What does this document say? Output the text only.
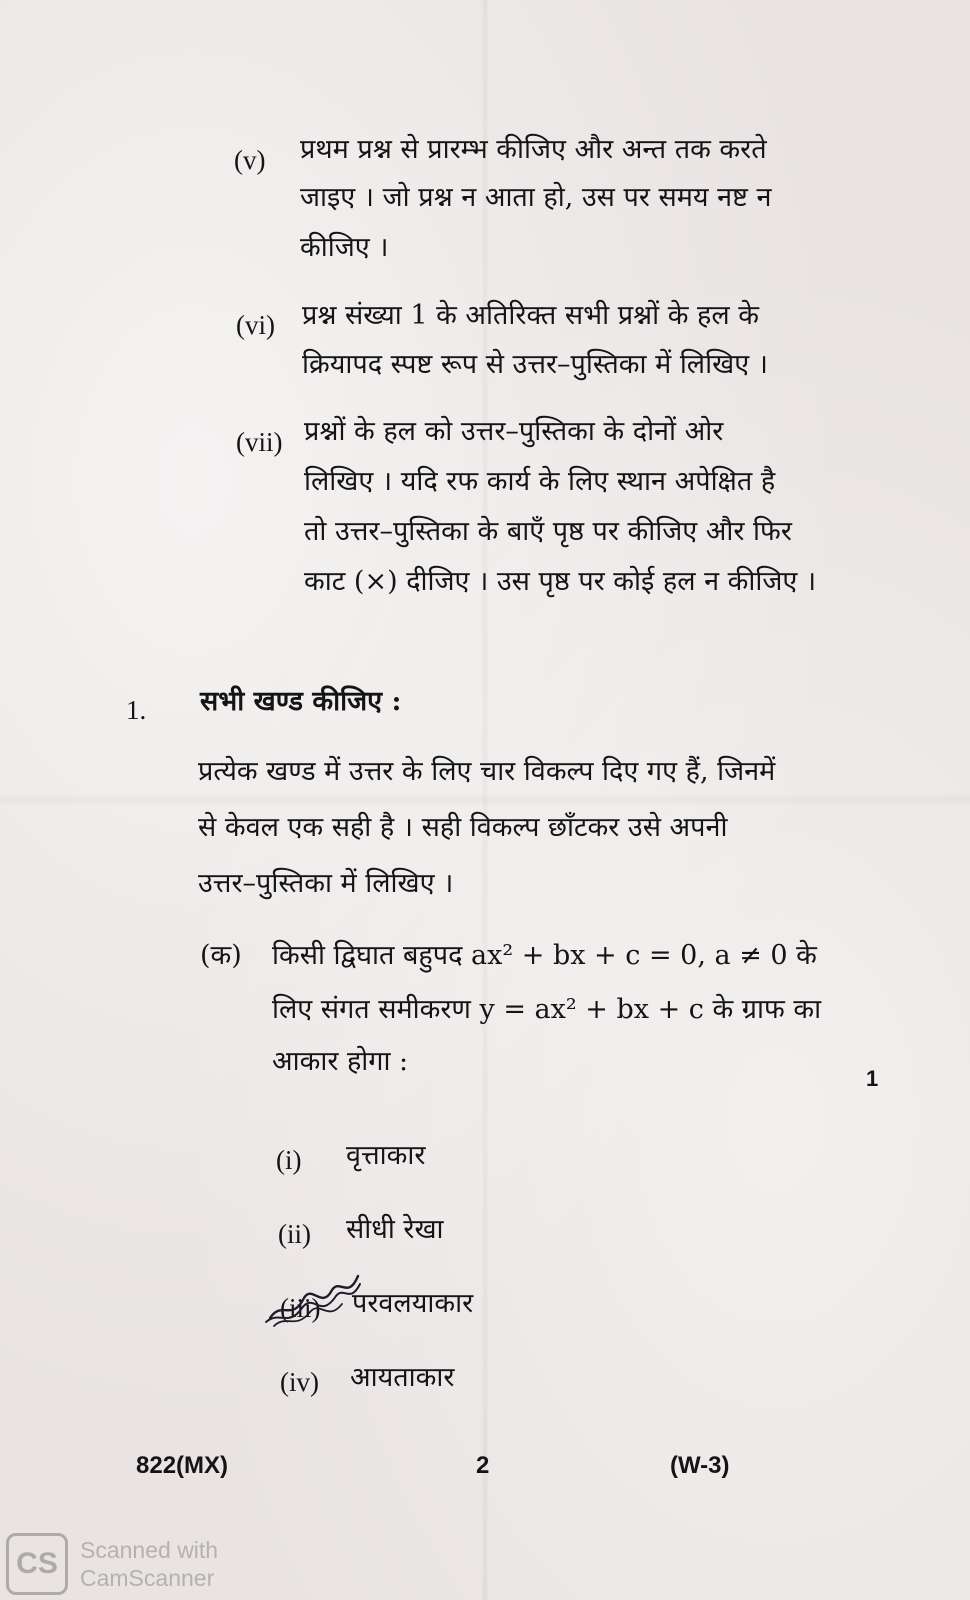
(v) प्रथम प्रश्न से प्रारम्भ कीजिए और अन्त तक करते
जाइए । जो प्रश्न न आता हो, उस पर समय नष्ट न
कीजिए ।
(vi) प्रश्न संख्या 1 के अतिरिक्त सभी प्रश्नों के हल के
क्रियापद स्पष्ट रूप से उत्तर–पुस्तिका में लिखिए ।
(vii) प्रश्नों के हल को उत्तर–पुस्तिका के दोनों ओर
लिखिए । यदि रफ कार्य के लिए स्थान अपेक्षित है
तो उत्तर–पुस्तिका के बाएँ पृष्ठ पर कीजिए और फिर
काट (×) दीजिए । उस पृष्ठ पर कोई हल न कीजिए ।
1. सभी खण्ड कीजिए :
प्रत्येक खण्ड में उत्तर के लिए चार विकल्प दिए गए हैं, जिनमें
से केवल एक सही है । सही विकल्प छाँटकर उसे अपनी
उत्तर–पुस्तिका में लिखिए ।
(क) किसी द्विघात बहुपद ax² + bx + c = 0, a ≠ 0 के
लिए संगत समीकरण y = ax² + bx + c के ग्राफ का
आकार होगा :
1
(i) वृत्ताकार
(ii) सीधी रेखा
(iii) परवलयाकार
(iv) आयताकार
822(MX)	2	(W-3)
CS Scanned with
CamScanner
